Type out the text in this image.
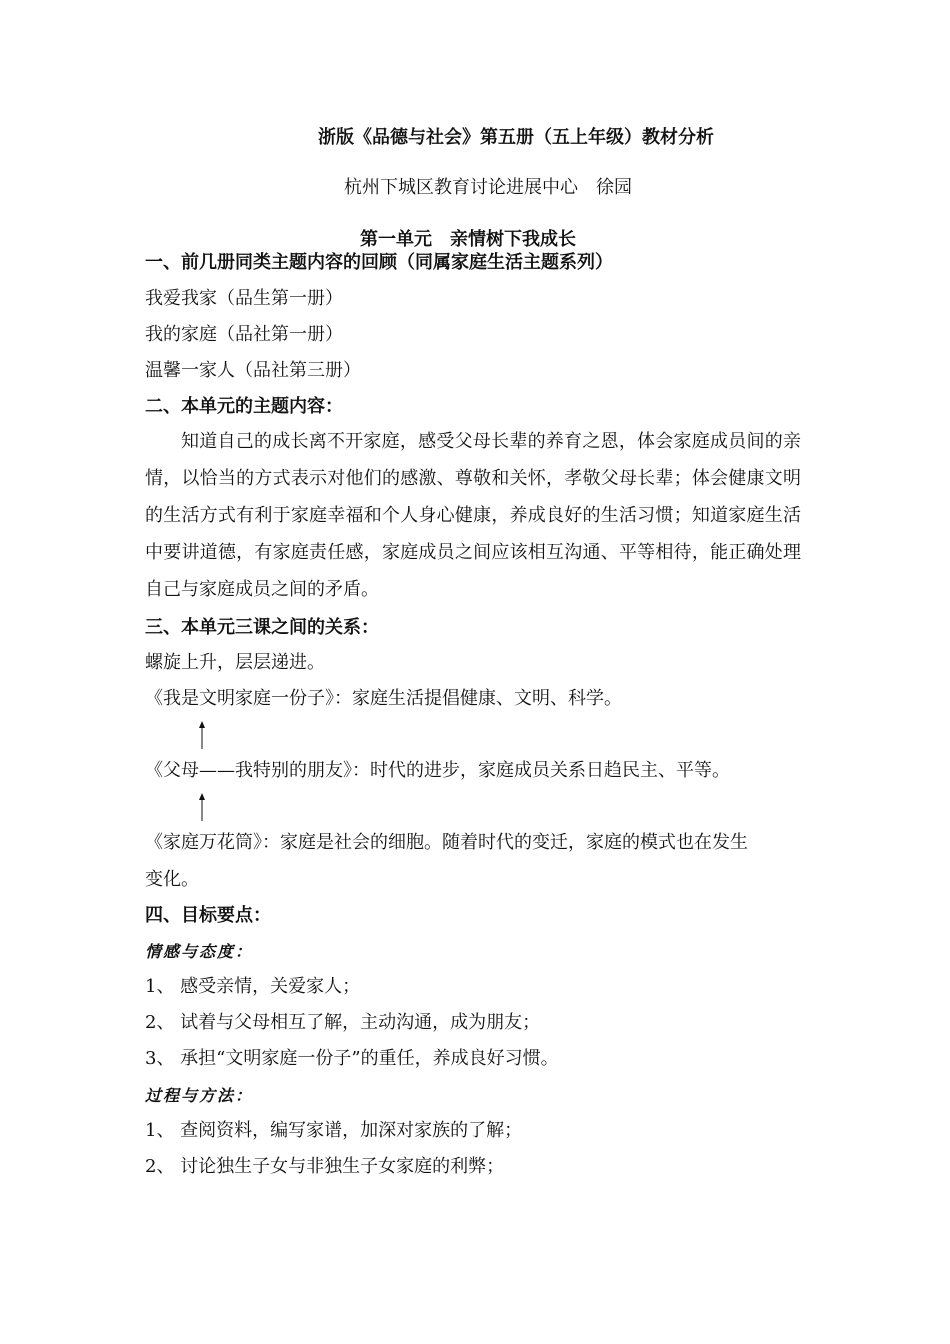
浙版《品德与社会》第五册（五上年级）教材分析
杭州下城区教育讨论进展中心　徐园
第一单元　亲情树下我成长
一、前几册同类主题内容的回顾（同属家庭生活主题系列）
我爱我家（品生第一册）
我的家庭（品社第一册）
温馨一家人（品社第三册）
二、本单元的主题内容：
知道自己的成长离不开家庭，感受父母长辈的养育之恩，体会家庭成员间的亲情，以恰当的方式表示对他们的感激、尊敬和关怀，孝敬父母长辈；体会健康文明的生活方式有利于家庭幸福和个人身心健康，养成良好的生活习惯；知道家庭生活中要讲道德，有家庭责任感，家庭成员之间应该相互沟通、平等相待，能正确处理自己与家庭成员之间的矛盾。
三、本单元三课之间的关系：
螺旋上升，层层递进。
《我是文明家庭一份子》：家庭生活提倡健康、文明、科学。
《父母——我特别的朋友》：时代的进步，家庭成员关系日趋民主、平等。
《家庭万花筒》：家庭是社会的细胞。随着时代的变迁，家庭的模式也在发生
变化。
四、目标要点：
情感与态度：
1、 感受亲情，关爱家人；
2、 试着与父母相互了解，主动沟通，成为朋友；
3、 承担“文明家庭一份子”的重任，养成良好习惯。
过程与方法：
1、 查阅资料，编写家谱，加深对家族的了解；
2、 讨论独生子女与非独生子女家庭的利弊；
